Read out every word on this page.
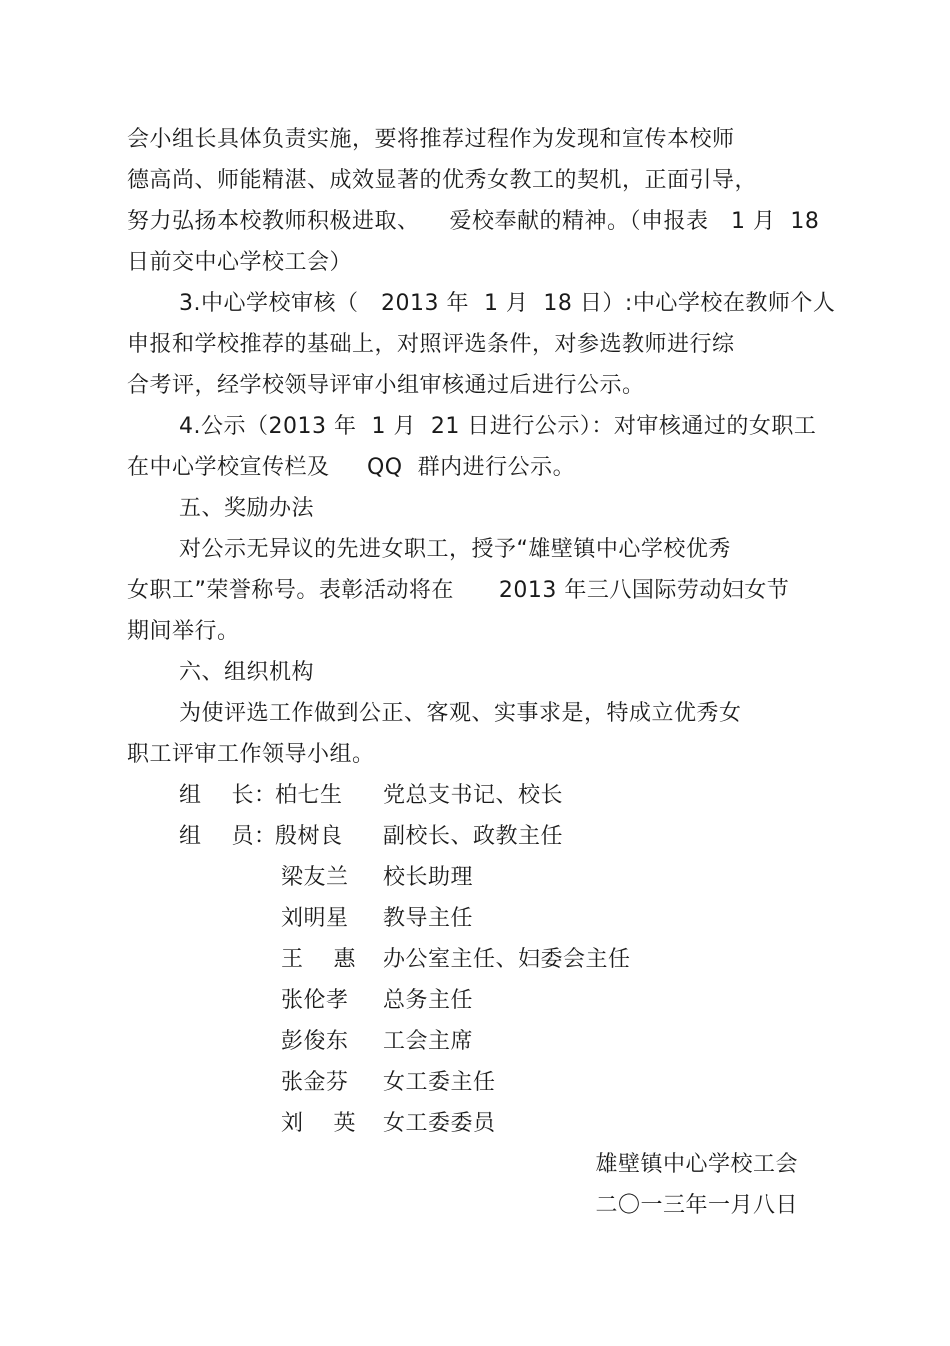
会小组长具体负责实施，要将推荐过程作为发现和宣传本校师
德高尚、师能精湛、成效显著的优秀女教工的契机，正面引导，
努力弘扬本校教师积极进取、    爱校奉献的精神。（申报表   1 月  18
日前交中心学校工会）
3.中心学校审核（   2013 年  1 月  18 日）:中心学校在教师个人
申报和学校推荐的基础上，对照评选条件，对参选教师进行综
合考评，经学校领导评审小组审核通过后进行公示。
4.公示（2013 年  1 月  21 日进行公示）：对审核通过的女职工
在中心学校宣传栏及     QQ  群内进行公示。
五、奖励办法
对公示无异议的先进女职工，授予“雄壁镇中心学校优秀
女职工”荣誉称号。表彰活动将在      2013 年三八国际劳动妇女节
期间举行。
六、组织机构
为使评选工作做到公正、客观、实事求是，特成立优秀女
职工评审工作领导小组。
组    长：
柏七生 党总支书记、校长
组    员：
殷树良 副校长、政教主任
梁友兰 校长助理
刘明星 教导主任
王    惠 办公室主任、妇委会主任
张伦孝 总务主任
彭俊东 工会主席
张金芬 女工委主任
刘    英 女工委委员
雄壁镇中心学校工会
二〇一三年一月八日
